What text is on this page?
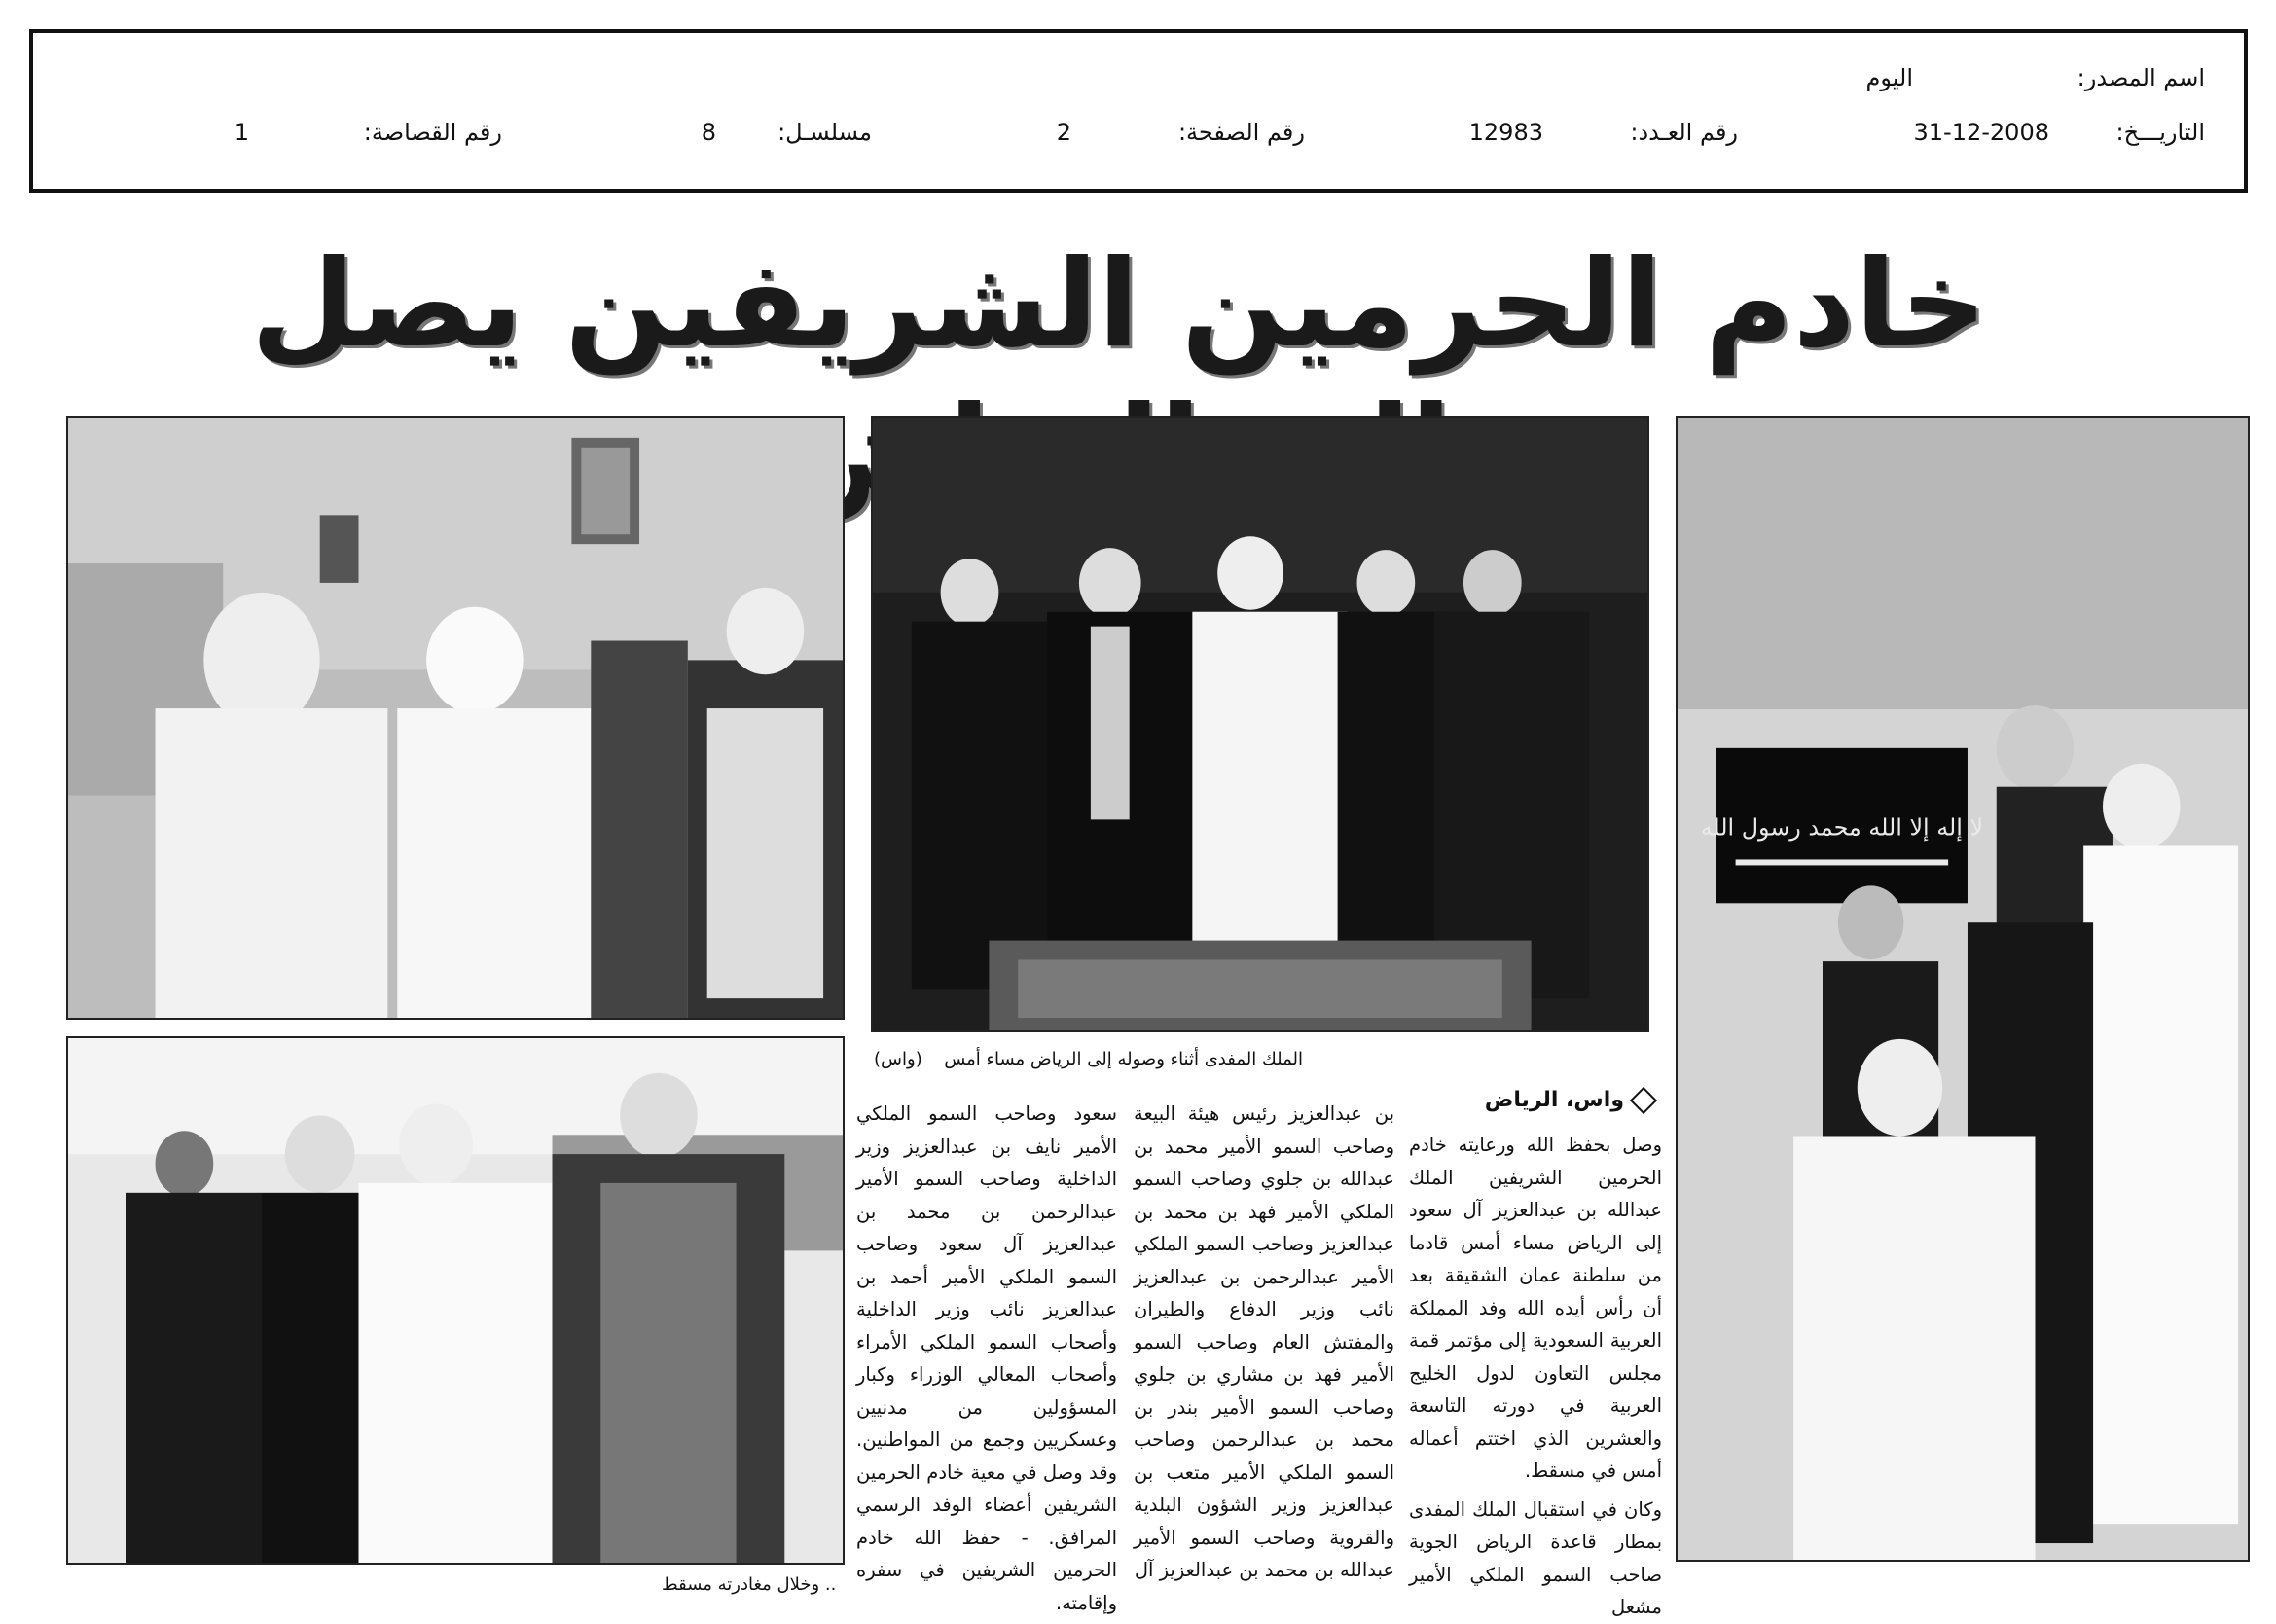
اسم المصدر:
اليوم
التاريـــخ:
31-12-2008
رقم العـدد:
12983
رقم الصفحة:
2
مسلسـل:
8
رقم القصاصة:
1
خادم الحرمين الشريفين يصل
لا إله إلا الله محمد رسول الله
الملك المفدى أثناء وصوله إلى الرياض مساء أمس
(واس)
.. وخلال مغادرته مسقط
واس، الرياض

وصل بحفظ الله ورعايته خادم الحرمين الشريفين الملك عبدالله بن عبدالعزيز آل سعود إلى الرياض مساء أمس قادما من سلطنة عمان الشقيقة بعد أن رأس أيده الله وفد المملكة العربية السعودية إلى مؤتمر قمة مجلس التعاون لدول الخليج العربية في دورته التاسعة والعشرين الذي اختتم أعماله أمس في مسقط.

وكان في استقبال الملك المفدى بمطار قاعدة الرياض الجوية صاحب السمو الملكي الأمير مشعل

بن عبدالعزيز رئيس هيئة البيعة وصاحب السمو الأمير محمد بن عبدالله بن جلوي وصاحب السمو الملكي الأمير فهد بن محمد بن عبدالعزيز وصاحب السمو الملكي الأمير عبدالرحمن بن عبدالعزيز نائب وزير الدفاع والطيران والمفتش العام وصاحب السمو الأمير فهد بن مشاري بن جلوي وصاحب السمو الأمير بندر بن محمد بن عبدالرحمن وصاحب السمو الملكي الأمير متعب بن عبدالعزيز وزير الشؤون البلدية والقروية وصاحب السمو الأمير عبدالله بن محمد بن عبدالعزيز آل

سعود وصاحب السمو الملكي الأمير نايف بن عبدالعزيز وزير الداخلية وصاحب السمو الأمير عبدالرحمن بن محمد بن عبدالعزيز آل سعود وصاحب السمو الملكي الأمير أحمد بن عبدالعزيز نائب وزير الداخلية وأصحاب السمو الملكي الأمراء وأصحاب المعالي الوزراء وكبار المسؤولين من مدنيين وعسكريين وجمع من المواطنين. وقد وصل في معية خادم الحرمين الشريفين أعضاء الوفد الرسمي المرافق. - حفظ الله خادم الحرمين الشريفين في سفره وإقامته.
